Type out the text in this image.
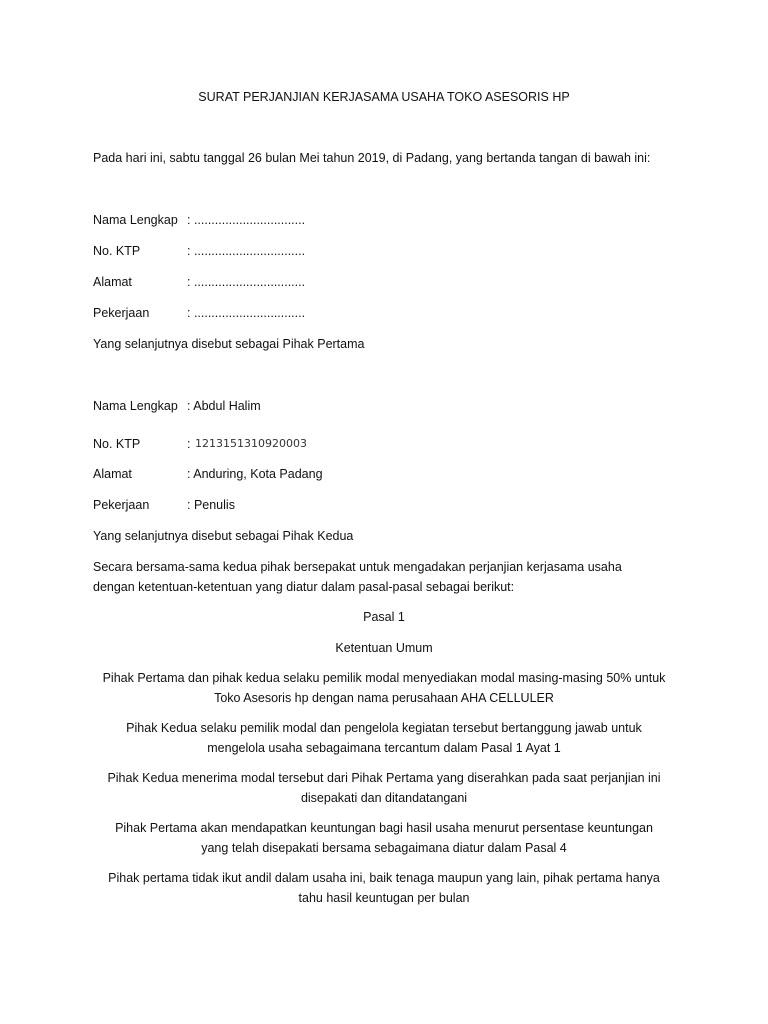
SURAT PERJANJIAN KERJASAMA USAHA TOKO ASESORIS HP

Pada hari ini, sabtu tanggal 26 bulan Mei tahun 2019, di Padang, yang bertanda tangan di bawah ini:

Nama Lengkap : ................................

No. KTP	: ................................

Alamat	: ................................

Pekerjaan	: ................................

Yang selanjutnya disebut sebagai Pihak Pertama

Nama Lengkap : Abdul Halim

No. KTP	: 1213151310920003

Alamat	: Anduring, Kota Padang

Pekerjaan	: Penulis

Yang selanjutnya disebut sebagai Pihak Kedua

Secara bersama-sama kedua pihak bersepakat untuk mengadakan perjanjian kerjasama usaha

dengan ketentuan-ketentuan yang diatur dalam pasal-pasal sebagai berikut:

Pasal 1

Ketentuan Umum

Pihak Pertama dan pihak kedua selaku pemilik modal menyediakan modal masing-masing 50% untuk

Toko Asesoris hp dengan nama perusahaan AHA CELLULER

Pihak Kedua selaku pemilik modal dan pengelola kegiatan tersebut bertanggung jawab untuk

mengelola usaha sebagaimana tercantum dalam Pasal 1 Ayat 1

Pihak Kedua menerima modal tersebut dari Pihak Pertama yang diserahkan pada saat perjanjian ini

disepakati dan ditandatangani

Pihak Pertama akan mendapatkan keuntungan bagi hasil usaha menurut persentase keuntungan

yang telah disepakati bersama sebagaimana diatur dalam Pasal 4

Pihak pertama tidak ikut andil dalam usaha ini, baik tenaga maupun yang lain, pihak pertama hanya

tahu hasil keuntugan per bulan
